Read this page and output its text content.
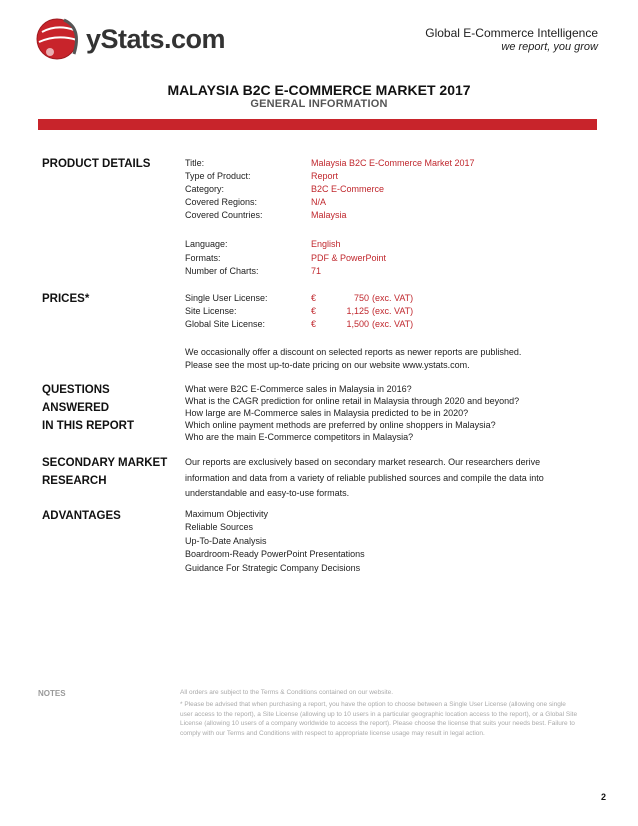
yStats.com	Global E-Commerce Intelligence
we report, you grow
MALAYSIA B2C E-COMMERCE MARKET 2017
GENERAL INFORMATION
PRODUCT DETAILS	Title:	Malaysia B2C E-Commerce Market 2017
Type of Product:	Report
Category:	B2C E-Commerce
Covered Regions:	N/A
Covered Countries:	Malaysia
Language:	English
Formats:	PDF & PowerPoint
Number of Charts:	71
PRICES*	Single User License:	€	750 (exc. VAT)
Site License:	€	1,125 (exc. VAT)
Global Site License:	€	1,500 (exc. VAT)
We occasionally offer a discount on selected reports as newer reports are published.
Please see the most up-to-date pricing on our website www.ystats.com.
QUESTIONS
ANSWERED
IN THIS REPORT
What were B2C E-Commerce sales in Malaysia in 2016?
What is the CAGR prediction for online retail in Malaysia through 2020 and beyond?
How large are M-Commerce sales in Malaysia predicted to be in 2020?
Which online payment methods are preferred by online shoppers in Malaysia?
Who are the main E-Commerce competitors in Malaysia?
SECONDARY MARKET
RESEARCH
Our reports are exclusively based on secondary market research. Our researchers derive
information and data from a variety of reliable published sources and compile the data into
understandable and easy-to-use formats.
ADVANTAGES	Maximum Objectivity
Reliable Sources
Up-To-Date Analysis
Boardroom-Ready PowerPoint Presentations
Guidance For Strategic Company Decisions
NOTES	All orders are subject to the Terms & Conditions contained on our website.
* Please be advised that when purchasing a report, you have the option to choose between a Single User License (allowing one single user access to the report), a Site License (allowing up to 10 users in a particular geographic location access to the report), or a Global Site License (allowing 10 users of a company worldwide to access the report). Please choose the license that suits your needs best. Failure to comply with our Terms and Conditions with respect to appropriate license usage may result in legal action.
2
